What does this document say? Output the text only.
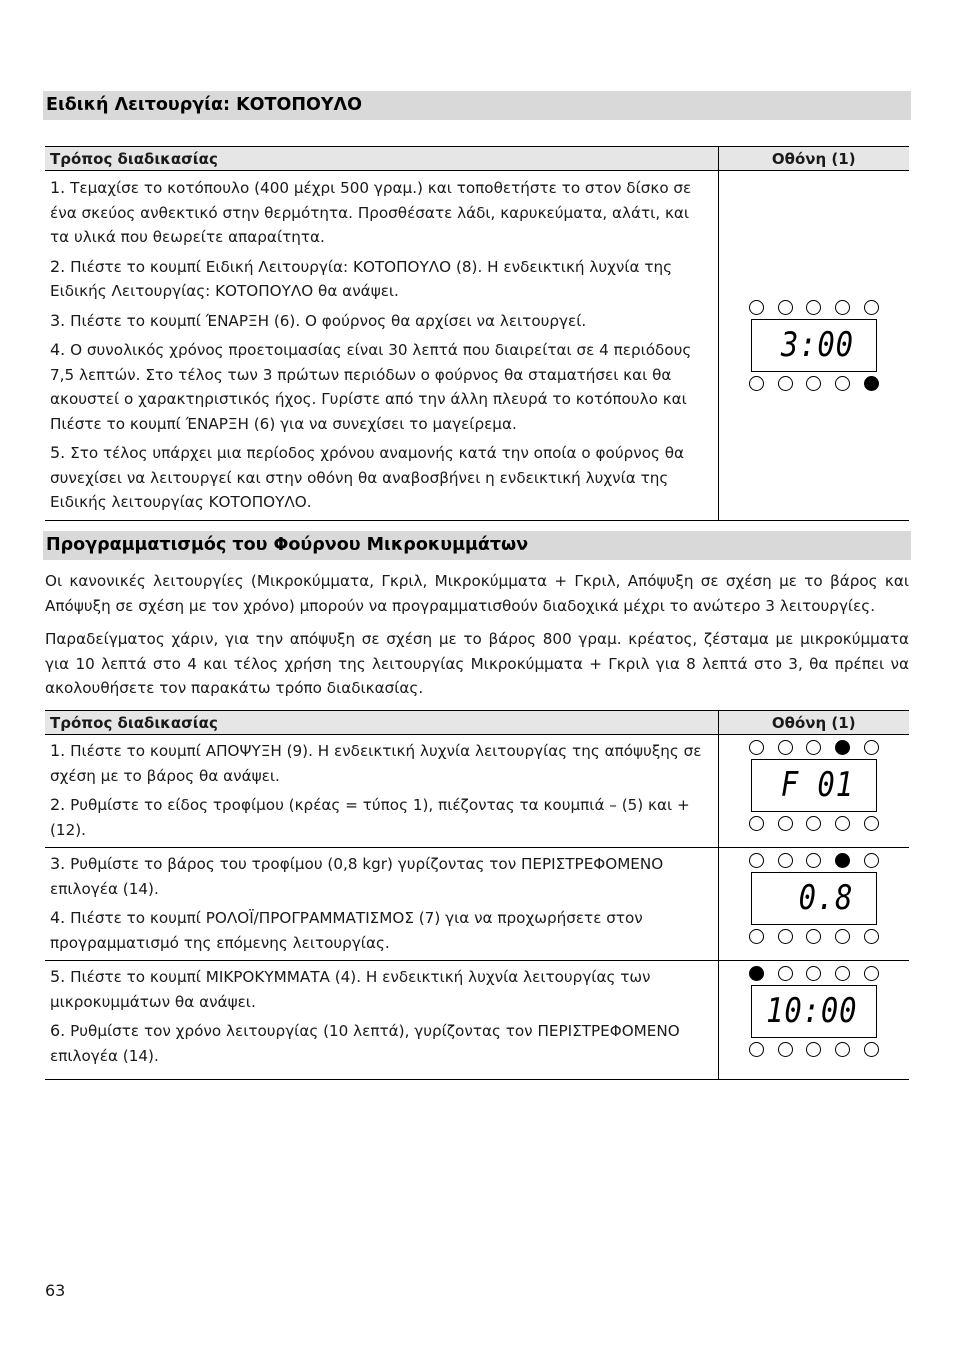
Ειδική Λειτουργία: ΚΟΤΟΠΟΥΛΟ
Τρόπος διαδικασίας	Οθόνη (1)

1. Τεμαχίσε το κοτόπουλο (400 μέχρι 500 γραμ.) και τοποθετήστε το στον δίσκο σε ένα σκεύος ανθεκτικό στην θερμότητα. Προσθέσατε λάδι, καρυκεύματα, αλάτι, και τα υλικά που θεωρείτε απαραίτητα.

2. Πιέστε το κουμπί Ειδική Λειτουργία: ΚΟΤΟΠΟΥΛΟ (8). Η ενδεικτική λυχνία της Ειδικής Λειτουργίας: ΚΟΤΟΠΟΥΛΟ θα ανάψει.

3. Πιέστε το κουμπί ΈΝΑΡΞΗ (6). Ο φούρνος θα αρχίσει να λειτουργεί.

4. Ο συνολικός χρόνος προετοιμασίας είναι 30 λεπτά που διαιρείται σε 4 περιόδους 7,5 λεπτών. Στο τέλος των 3 πρώτων περιόδων ο φούρνος θα σταματήσει και θα ακουστεί ο χαρακτηριστικός ήχος. Γυρίστε από την άλλη πλευρά το κοτόπουλο και Πιέστε το κουμπί ΈΝΑΡΞΗ (6) για να συνεχίσει το μαγείρεμα.

5. Στο τέλος υπάρχει μια περίοδος χρόνου αναμονής κατά την οποία ο φούρνος θα συνεχίσει να λειτουργεί και στην οθόνη θα αναβοσβήνει η ενδεικτική λυχνία της Ειδικής λειτουργίας ΚΟΤΟΠΟΥΛΟ.	3:00
Προγραμματισμός του Φούρνου Μικροκυμμάτων

Οι κανονικές λειτουργίες (Μικροκύμματα, Γκριλ, Μικροκύμματα + Γκριλ, Απόψυξη σε σχέση με το βάρος και Απόψυξη σε σχέση με τον χρόνο) μπορούν να προγραμματισθούν διαδοχικά μέχρι το ανώτερο 3 λειτουργίες.

Παραδείγματος χάριν, για την απόψυξη σε σχέση με το βάρος 800 γραμ. κρέατος, ζέσταμα με μικροκύμματα για 10 λεπτά στο 4 και τέλος χρήση της λειτουργίας Μικροκύμματα + Γκριλ για 8 λεπτά στο 3, θα πρέπει να ακολουθήσετε τον παρακάτω τρόπο διαδικασίας.

Τρόπος διαδικασίας	Οθόνη (1)

1. Πιέστε το κουμπί ΑΠΟΨΥΞΗ (9). Η ενδεικτική λυχνία λειτουργίας της απόψυξης σε σχέση με το βάρος θα ανάψει.

2. Ρυθμίστε το είδος τροφίμου (κρέας = τύπος 1), πιέζοντας τα κουμπιά – (5) και + (12).	F 01

3. Ρυθμίστε το βάρος του τροφίμου (0,8 kgr) γυρίζοντας τον ΠΕΡΙΣΤΡΕΦΟΜΕΝΟ επιλογέα (14).

4. Πιέστε το κουμπί ΡΟΛΟΪ/ΠΡΟΓΡΑΜΜΑΤΙΣΜΟΣ (7) για να προχωρήσετε στον προγραμματισμό της επόμενης λειτουργίας.	0.8

5. Πιέστε το κουμπί ΜΙΚΡΟΚΥΜΜΑΤΑ (4). Η ενδεικτική λυχνία λειτουργίας των μικροκυμμάτων θα ανάψει.

6. Ρυθμίστε τον χρόνο λειτουργίας (10 λεπτά), γυρίζοντας τον ΠΕΡΙΣΤΡΕΦΟΜΕΝΟ επιλογέα (14).	10:00
63
